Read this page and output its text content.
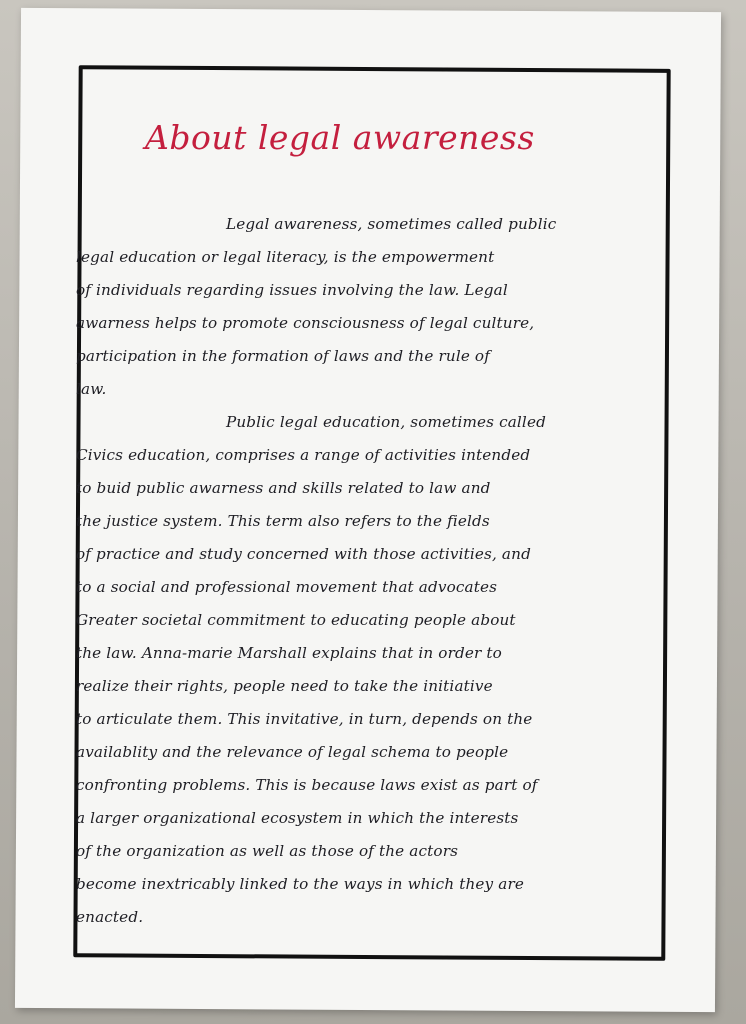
About legal awareness
Legal awareness, sometimes called public
legal education or legal literacy, is the empowerment
of individuals regarding issues involving the law. Legal
awarness helps to promote consciousness of legal culture,
participation in the formation of laws and the rule of
law.
Public legal education, sometimes called
Civics education, comprises a range of activities intended
to buid public awarness and skills related to law and
the justice system. This term also refers to the fields
of practice and study concerned with those activities, and
to a social and professional movement that advocates
Greater societal commitment to educating people about
the law. Anna-marie Marshall explains that in order to
realize their rights, people need to take the initiative
to articulate them. This invitative, in turn, depends on the
availablity and the relevance of legal schema to people
confronting problems. This is because laws exist as part of
a larger organizational ecosystem in which the interests
of the organization as well as those of the actors
become inextricably linked to the ways in which they are
enacted.
